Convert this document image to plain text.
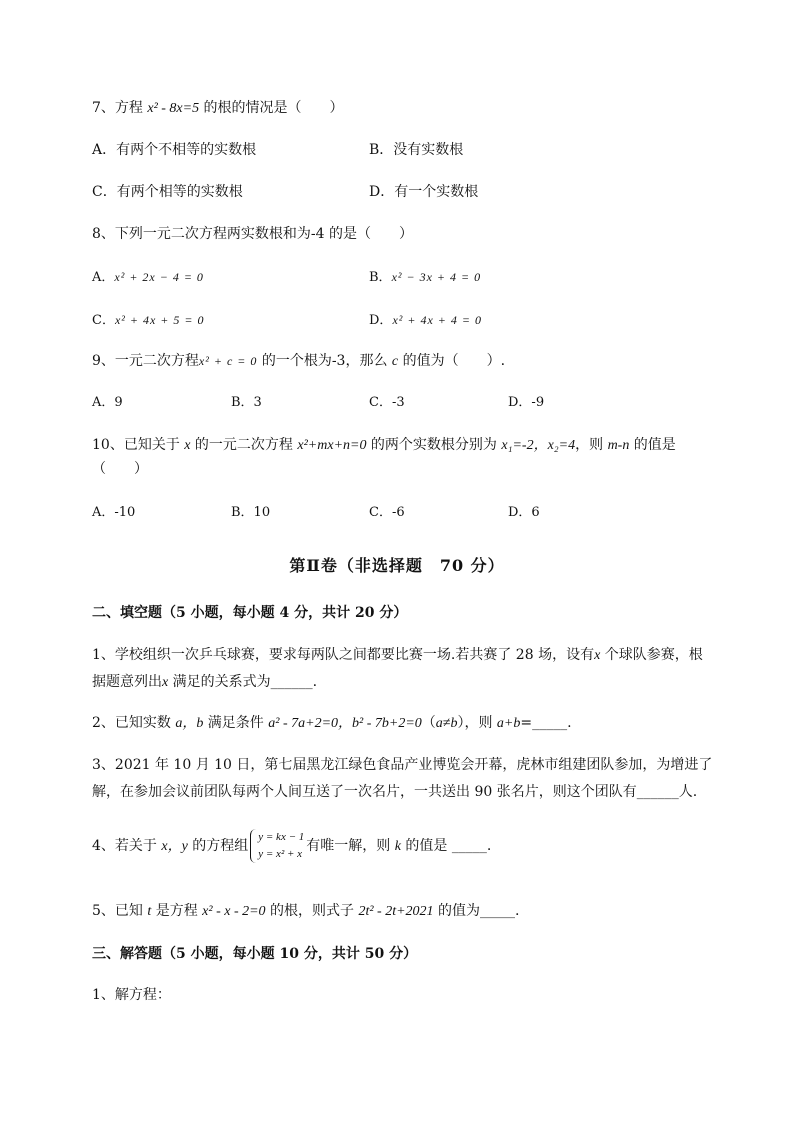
7、方程 x² - 8x=5 的根的情况是（　　）
A．有两个不相等的实数根	B．没有实数根
C．有两个相等的实数根	D．有一个实数根
8、下列一元二次方程两实数根和为-4 的是（　　）
A．x² + 2x − 4 = 0	B．x² − 3x + 4 = 0
C．x² + 4x + 5 = 0	D．x² + 4x + 4 = 0
9、一元二次方程x² + c = 0 的一个根为-3，那么 c 的值为（　　）.
A．9	B．3	C．-3	D．-9
10、已知关于 x 的一元二次方程 x²+mx+n=0 的两个实数根分别为 x₁=-2，x₂=4，则 m-n 的值是
（　　）
A．-10	B．10	C．-6	D．6
第Ⅱ卷（非选择题　70 分）
二、填空题（5 小题，每小题 4 分，共计 20 分）
1、学校组织一次乒乓球赛，要求每两队之间都要比赛一场.若共赛了 28 场，设有x 个球队参赛，根
据题意列出x 满足的关系式为______.
2、已知实数 a，b 满足条件 a² - 7a+2=0，b² - 7b+2=0（a≠b），则 a+b=_____.
3、2021 年 10 月 10 日，第七届黑龙江绿色食品产业博览会开幕，虎林市组建团队参加，为增进了
解，在参加会议前团队每两个人间互送了一次名片，一共送出 90 张名片，则这个团队有______人.
4、若关于 x，y 的方程组
y = kx − 1
y = x² + x 有唯一解，则 k 的值是 _____.
5、已知 t 是方程 x² - x - 2=0 的根，则式子 2t² - 2t+2021 的值为_____.
三、解答题（5 小题，每小题 10 分，共计 50 分）
1、解方程：
